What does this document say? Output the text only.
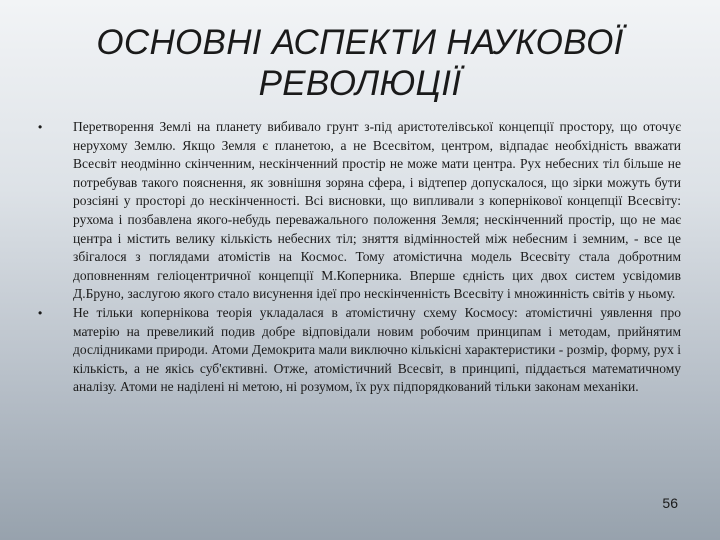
ОСНОВНІ АСПЕКТИ НАУКОВОЇ РЕВОЛЮЦІЇ
•	Перетворення Землі на планету вибивало грунт з-під аристотелівської концепції простору, що оточує нерухому Землю. Якщо Земля є планетою, а не Всесвітом, центром, відпадає необхідність вважати Всесвіт неодмінно скінченним, нескінченний простір не може мати центра. Рух небесних тіл більше не потребував такого пояснення, як зовнішня зоряна сфера, і відтепер допускалося, що зірки можуть бути розсіяні у просторі до нескінченності. Всі висновки, що випливали з копернікової концепції Всесвіту: рухома і позбавлена якого-небудь переважального положення Земля; нескінченний простір, що не має центра і містить велику кількість небесних тіл; зняття відмінностей між небесним і земним, - все це збігалося з поглядами атомістів на Космос. Тому атомістична модель Всесвіту стала добротним доповненням геліоцентричної концепції М.Коперника. Вперше єдність цих двох систем усвідомив Д.Бруно, заслугою якого стало висунення ідеї про нескінченність Всесвіту і множинність світів у ньому.

•	Не тільки копернікова теорія укладалася в атомістичну схему Космосу: атомістичні уявлення про матерію на превеликий подив добре відповідали новим робочим принципам і методам, прийнятим дослідниками природи. Атоми Демокрита мали виключно кількісні характеристики - розмір, форму, рух і кількість, а не якісь суб'єктивні. Отже, атомістичний Всесвіт, в принципі, піддається математичному аналізу. Атоми не наділені ні метою, ні розумом, їх рух підпорядкований тільки законам механіки.

56
